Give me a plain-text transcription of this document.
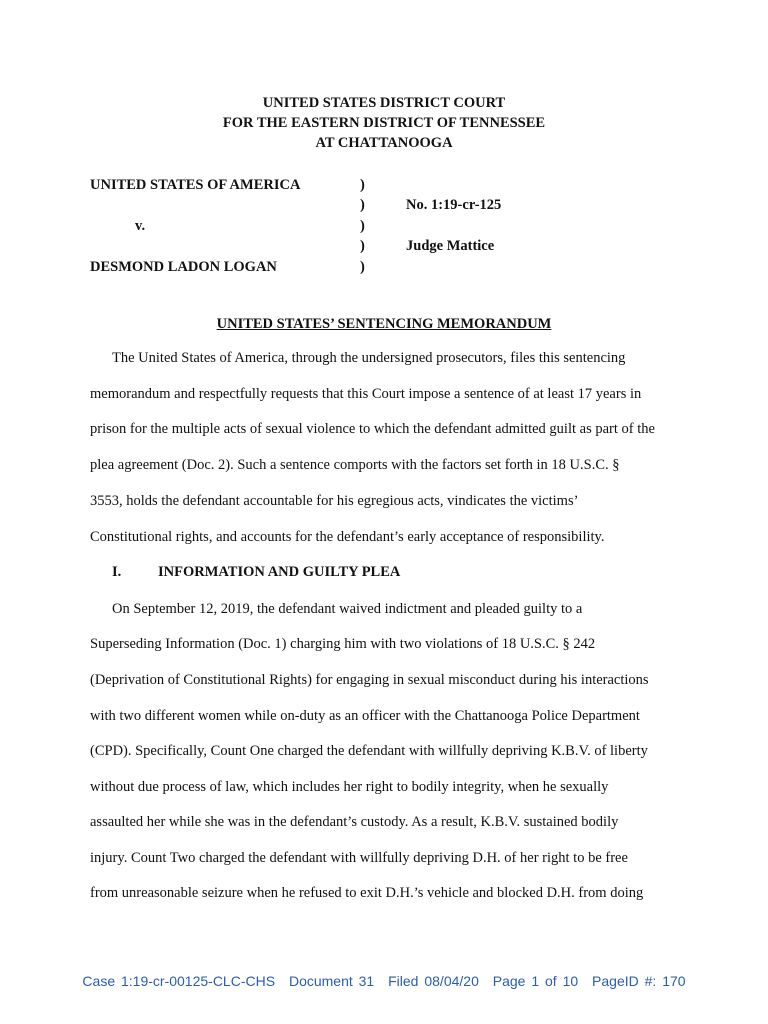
UNITED STATES DISTRICT COURT
FOR THE EASTERN DISTRICT OF TENNESSEE
AT CHATTANOOGA
UNITED STATES OF AMERICA	)
)	No. 1:19-cr-125
v.	)
)	Judge Mattice
DESMOND LADON LOGAN	)
UNITED STATES’ SENTENCING MEMORANDUM
The United States of America, through the undersigned prosecutors, files this sentencing
memorandum and respectfully requests that this Court impose a sentence of at least 17 years in
prison for the multiple acts of sexual violence to which the defendant admitted guilt as part of the
plea agreement (Doc. 2). Such a sentence comports with the factors set forth in 18 U.S.C. §
3553, holds the defendant accountable for his egregious acts, vindicates the victims’
Constitutional rights, and accounts for the defendant’s early acceptance of responsibility.
I.	INFORMATION AND GUILTY PLEA
On September 12, 2019, the defendant waived indictment and pleaded guilty to a
Superseding Information (Doc. 1) charging him with two violations of 18 U.S.C. § 242
(Deprivation of Constitutional Rights) for engaging in sexual misconduct during his interactions
with two different women while on-duty as an officer with the Chattanooga Police Department
(CPD). Specifically, Count One charged the defendant with willfully depriving K.B.V. of liberty
without due process of law, which includes her right to bodily integrity, when he sexually
assaulted her while she was in the defendant’s custody. As a result, K.B.V. sustained bodily
injury. Count Two charged the defendant with willfully depriving D.H. of her right to be free
from unreasonable seizure when he refused to exit D.H.’s vehicle and blocked D.H. from doing
Case 1:19-cr-00125-CLC-CHS Document 31 Filed 08/04/20 Page 1 of 10 PageID #: 170
